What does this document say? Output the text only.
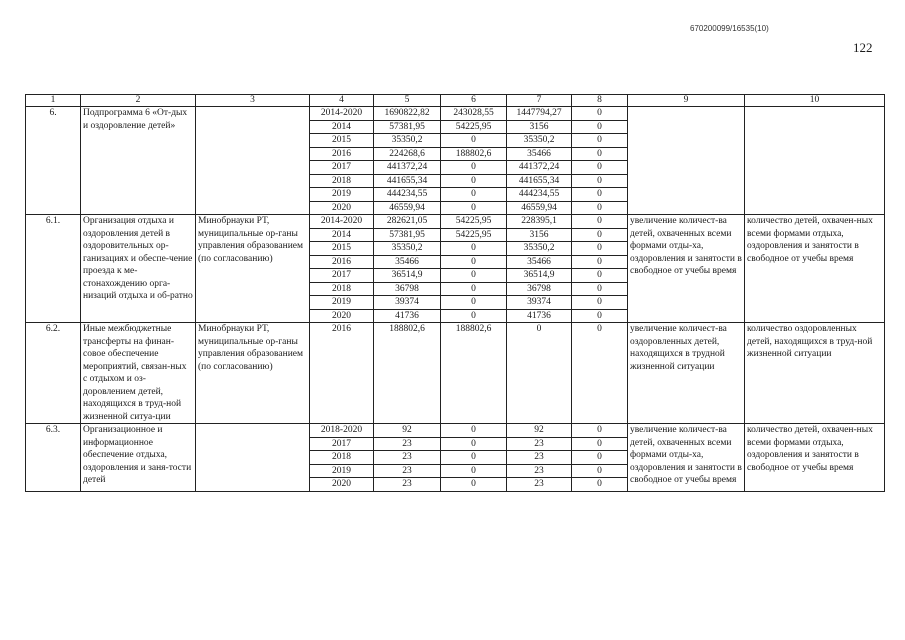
670200099/16535(10)
122
1	2	3	4	5	6	7	8	9	10
6.	Подпрограмма 6 «От-дых и оздоровление детей»		2014-2020	1690822,82	243028,55	1447794,27	0		
			2014	57381,95	54225,95	3156	0		
			2015	35350,2	0	35350,2	0		
			2016	224268,6	188802,6	35466	0		
			2017	441372,24	0	441372,24	0		
			2018	441655,34	0	441655,34	0		
			2019	444234,55	0	444234,55	0		
			2020	46559,94	0	46559,94	0		
6.1.	Организация отдыха и оздоровления детей в оздоровительных ор-ганизациях и обеспе-чение проезда к ме-стонахождению орга-низаций отдыха и об-ратно	Минобрнауки РТ, муниципальные ор-ганы управления образованием (по согласованию)	2014-2020	282621,05	54225,95	228395,1	0	увеличение количест-ва детей, охваченных всеми формами отды-ха, оздоровления и занятости в свободное от учебы время	количество детей, охвачен-ных всеми формами отдыха, оздоровления и занятости в свободное от учебы время
			2014	57381,95	54225,95	3156	0		
			2015	35350,2	0	35350,2	0		
			2016	35466	0	35466	0		
			2017	36514,9	0	36514,9	0		
			2018	36798	0	36798	0		
			2019	39374	0	39374	0		
			2020	41736	0	41736	0		
6.2.	Иные межбюджетные трансферты на финан-совое обеспечение мероприятий, связан-ных с отдыхом и оз-доровлением детей, находящихся в труд-ной жизненной ситуа-ции	Минобрнауки РТ, муниципальные ор-ганы управления образованием (по согласованию)	2016	188802,6	188802,6	0	0	увеличение количест-ва оздоровленных детей, находящихся в трудной жизненной ситуации	количество оздоровленных детей, находящихся в труд-ной жизненной ситуации
6.3.	Организационное и информационное обеспечение отдыха, оздоровления и заня-тости детей		2018-2020	92	0	92	0	увеличение количест-ва детей, охваченных всеми формами отды-ха, оздоровления и занятости в свободное от учебы время	количество детей, охвачен-ных всеми формами отдыха, оздоровления и занятости в свободное от учебы время
			2017	23	0	23	0		
			2018	23	0	23	0		
			2019	23	0	23	0		
			2020	23	0	23	0		
